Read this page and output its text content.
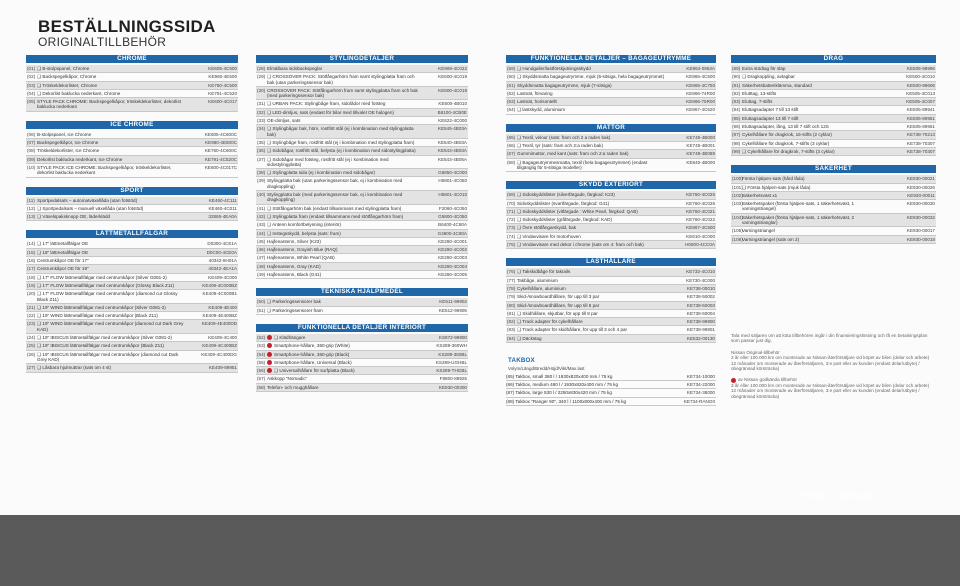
BESTÄLLNINGSSIDA
ORIGINALTILLBEHÖR
CHROME
(01) ❑ B-stolpspanel, Chrome	KE605-4C600
(02) ❑ Backspegelkåpor, Chrome	KE960-4E500
(03) ❑ Tröskeldekorlister, Chrome	KE760-4C500
(04) ❑ Dekorlist baklucka nederkant, Chrome	KE791-4C520
(05) STYLE PACK CHROME: Backspegelkåpor, tröskeldekorlister, dekorlist baklucka nederkant
KE600-4C017
ICE CHROME
(06) B-stolpspanel, Ice Chrome	KE605-4C600C
(07) Backspegelkåpor, Ice Chrome	KE960-4E500C
(08) Tröskeldekorlister, Ice Chrome	KE760-4C600C
(09) Dekorlist baklucka nederkant, Ice Chrome	KE791-4C520C
(10) STYLE PACK ICE CHROME: Backspegelkåpor, tröskeldekorlister, dekorlist baklucka nederkant
KE600-4C017C
SPORT
(11) Sportpedalsats – automatväxellåda (utan fotstöd)	KE460-4C111
(12) ❑ Sportpedalsats – manuell växellåda (utan fotstöd)	KE460-4C011
(13) ❑ Växelspaksknopp OE, läderklädd	32865-4EA0A
LÄTTMETALLFÄLGAR
(14) ❑ 17" lättmetallfälgar OE	D0300-4CE1A
(15) ❑ 18" lättmetallfälgar OE	D0C00-4CE0A
(16) Centrumkåpor OE för 17"	40342-8H01A
(17) Centrumkåpor OE för 19"	40342-4EA1A
(18) ❑ 17" FLOW lättmetallfälgar med centrumkåpor (Silver G081-2)	KE409-4C000
(19) ❑ 17" FLOW lättmetallfälgar med centrumkåpor (Glossy Black Z11)	KE409-4C000BZ
(20) ❑ 17" FLOW lättmetallfälgar med centrumkåpor (diamond cut Glossy Black Z11)
KE409-4C000B1
(21) ❑ 19" WIND lättmetallfälgar med centrumkåpor (Silver G081-2)	KE409-4E400
(22) ❑ 19" WIND lättmetallfälgar med centrumkåpor (Black Z11)	KE409-4E400BZ
(23) ❑ 19" WIND lättmetallfälgar med centrumkåpor (diamond cut Dark Grey KAD)
KE409-4E400DD
(24) ❑ 19" IBISCUS lättmetallfälgar med centrumkåpor (Silver G081-2)	KE409-4C400
(25) ❑ 19" IBISCUS lättmetallfälgar med centrumkåpor (Black Z11)	KE409-4C400BZ
(26) ❑ 19" IBISCUS lättmetallfälgar med centrumkåpor (diamond cut Dark Grey KAD)
KE409-4C400DG
(27) ❑ Låsbara hjulmuttrar (sats om 4 st)	KE409-89951
STYLINGDETALJER
(28) Elmälbara sidobackspeglar	KE969-4C022
(29) ❑ CROSSOVER PACK: Stötfångarhörn fram samt stylingplatta fram och bak (utan parkeringssensor bak)
KE600-4C019
(30) CROSSOVER PACK: Stötfångarhörn fram samt stylingplatta fram och bak (med parkeringssensor bak)
KE600-4C018
(31) ❑ URBAN PACK: Stylingbåge fram, sidolådor med fotsteg	KE600-4B010
(32) ❑ LED-dimljus, sats (endast för bilar med tillvalet OE halogen)	B6100-4CB0E
(33) OE-dimljus, sats	KE622-4C000
(34) ❑ Stylingbågar bak, höm, rostfritt stål (ej i kombination med stylingplatta bak)
KE545-4B03A
(35) ❑ Stylingbåge fram, rostfritt stål (ej i kombination med stylingplatta fram)	KE540-4B03A
(36) ❑ Sidobågar, rostfritt stål, belysta (ej i kombination med sidostylingplatta)	KE543-4B03A
(37) ❑ Sidobågar med fotsteg, rostfritt stål (ej i kombination med sidostylingplatta)
KE543-4B05A
(38) ❑ Stylingplatta sida (ej i kombination med sidobågar)	G6850-4C000
(39) Stylingplatta bak (utan parkeringssensor bak, ej i kombination med dragkoppling)
H5801-4C050
(40) Stylingplatta bak (med parkeringssensor bak, ej i kombination med dragkoppling)
H5801-4C010
(41) ❑ Stötfångarhörn bak (endast tillsammans med stylingplatta fram)	F2060-4C050
(42) ❑ Stylingplatta fram (endast tillsammans med stötfångarhörn fram)	G5800-4C050
(43) ❑ Antenn komfortbelysning (interiör)	B6400-4C80A
(44) ❑ Instegsskydd, belysta (sats: fram)	G4600-4C80A
(45) Hajfenantenn, Silver (K23)	KE280-4C001
(46) Hajfenantenn, Grayish Blue (RAQ)	KE280-4C002
(47) Hajfenantenn, White Pearl (QAB)	KE280-4C003
(48) Hajfenantenn, Gray (KAD)	KE280-4C004
(49) Hajfenantenn, Black (G41)	KE280-4C005
TEKNISKA HJÄLPMEDEL
(50) ❑ Parkeringssensorer bak	KE511-99902
(51) ❑ Parkeringssensorer fram	KE512-99905
FUNKTIONELLA DETALJER INTERIÖRT
(52)	❑ Klädhängare	KS872-99900
(53)	Smartphone-hållare, 360-grip (White)	KS289-360WH
(54)	Smartphone-hållare, 360-grip (Black)	KS289-360BL
(55)	Smartphone-hållare, Universal (Black)	KS289-UGHBL
(56)	❑ Universalhållare för surfplatta (Black)	KS289-THGBL
(57) Askkopp "Nomadic"	F8800-89925
(58) Telefon- och mugghållare	KE930-00300
FUNKTIONELLA DETALJER – BAGAGEUTRYMME
(59) ❑ Hundgaller/lastförskjutningsskydd	KE964-0953A
(60) ❑ Skyddsmatta bagageutrymme, mjuk (5-sitsiga, hela bagageutrymmet)	KE965-4C500
(61) Skyddsmatta bagageutrymme, mjuk (7-sitsiga)	KE965-4C750
(62) Lastnät, förvaring	KE966-74R00
(63) Lastnät, horisontellt	KE966-75R00
(64) ❑ lastskydd, aluminium	KE967-4C520
MATTOR
(65) ❑ Textil, velour (sats: fram och 2 a raden bak)	KE745-4B000
(66) ❑ Textil, tyr (sats: fram och 2:a raden bak)	KE745-4B001
(67) Gummimattor, med kant (sats: fram och 2:a raden bak)	KE748-4B089
(68) ❑ Bagageutrymmesmatta, textil (hela bagageutrymmet) (endast tillgänglig för 5-sitsiga modeller)
KE840-4B000
SKYDD EXTERIÖRT
(69) ❑ Sidoskyddslister (silverfärgade, färgkod: K23)	KE760-4C025
(70) Sidoskyddslister (svartfärgade, färgkod: G41)	KE760-4C026
(71) ❑ Sidoskyddslister (vitfärgade : White Pearl, färgkod: QAB)	KE760-4C021
(72) ❑ Sidoskyddslister (gråfärgade, färgkod: KAD)	KE760-4C022
(73) ❑ Övre stötfångarskydd, bak	KE967-4C500
(74) ❑ Vindavvisare för motorhuven	KE610-4C000
(75) ❑ Vindavvisare med dekor i chrome (sats om 4: fram och bak)	H0800-4CC0A
LASTHÅLLARE
(76) ❑ Takskidbåge för takrails	KE732-4C010
(77) Takbåge, aluminium	KE730-4C000
(78) Cykelhållare, aluminium	KE738-00010
(79) Skid-/snowboardhållare, för upp till 3 par	KE738-50002
(80) Skid-/snowboardhållare, för upp till 6 par	KE738-50003
(81) ❑ Skidhållare, skjutbar, för upp till 8 par	KE738-50004
(82) ❑ Track adapter för cykelhållare	KE738-99900
(83) ❑ Track adapter för skidhållare, för upp till 3 och 4 par	KE738-99901
(84) ❑ Däckstag	KE532-00130
TAKBOX
Volym/Längd/Bredd/Höjd/Vikt/Max.last
(85) Takbox, small 380 l / 1930x820x400 mm / 75 kg	KE734-10000
(86) Takbox, medium 480 l / 1930x820x400 mm / 75 kg	KE734-22000
(87) Takbox, large 530 l / 2250x830x420 mm / 75 kg	KE734-38000
(88) Takbox "Ranger 90", 340 l / 1100x800x400 mm / 75 kg	KE734-RANG0
DRAG
(89) Extra stödtag för släp	KE505-99996
(90) ❑ Dragkoppling, avtagbar	KE500-4C010
(91) Säkerhetsbatteriklämma, standard	KE500-99606
(92) Elutttag, 13-stifts	KE505-4C013
(93) Eluttag, 7-stifts	KE505-4C007
(94) Eluttagsadapter 7 till 13 stift	KE505-89941
(95) Eluttagsadapter 13 till 7 stift	KE505-89951
(96) Eluttagsadapter, lång, 13 till 7 stift och 12S	KE505-89961
(97) Cykelhållare för dragkrok, 15-stifts (2 cyklar)	KE738-70213
(98) Cykelhållare för dragkrok, 7-stifts (3 cyklar)	KE738-70307
(99) ❑ Cykelhållare för dragkrok, 7-stifts (3 cyklar)	KE738-70307
SÄKERHET
(100) Första hjälpen-sats (hård låda)	KE930-00021
(101) ❑ Första hjälpen-sats (mjuk låda)	KE930-00026
(102) Säkerhetsväst x1	KE930-00011
(103) Säkerhetspaket (första hjälpen-sats, 1 säkerhetsväst, 1 varningstriangel)
KE930-00030
(104) Säkerhetspaket (första hjälpen-sats, 1 säkerhetsväst, 2 varningstrianglar)
KE930-00032
(105) Varningstriangel	KE930-00017
(106) Varningstriangel (sats om 2)	KE930-00018
Tala med säljaren om att köta tillbehören ingår i din finansieringslösning och få en betalningsplan som passar just dig.
Nissan Original-tillbehör
3 år eller 100.000 km om monterade av Nissan-återförsäljare vid köpet av bilen (delar och arbete)
12 månader om monterade av återförsäljaren, 3:e part eller av kunden (endast delar/utbyte) / obegränsad körsträcka)
av Nissan godkända tillbehör
3 år eller 100.000 km om monterade av Nissan-återförsäljare vid köpet av bilen (delar och arbete)
12 månader om monterade av återförsäljaren, 3:e part eller av kunden (endast delar/utbyte) / obegränsad körsträcka)
Printa Avsluta
